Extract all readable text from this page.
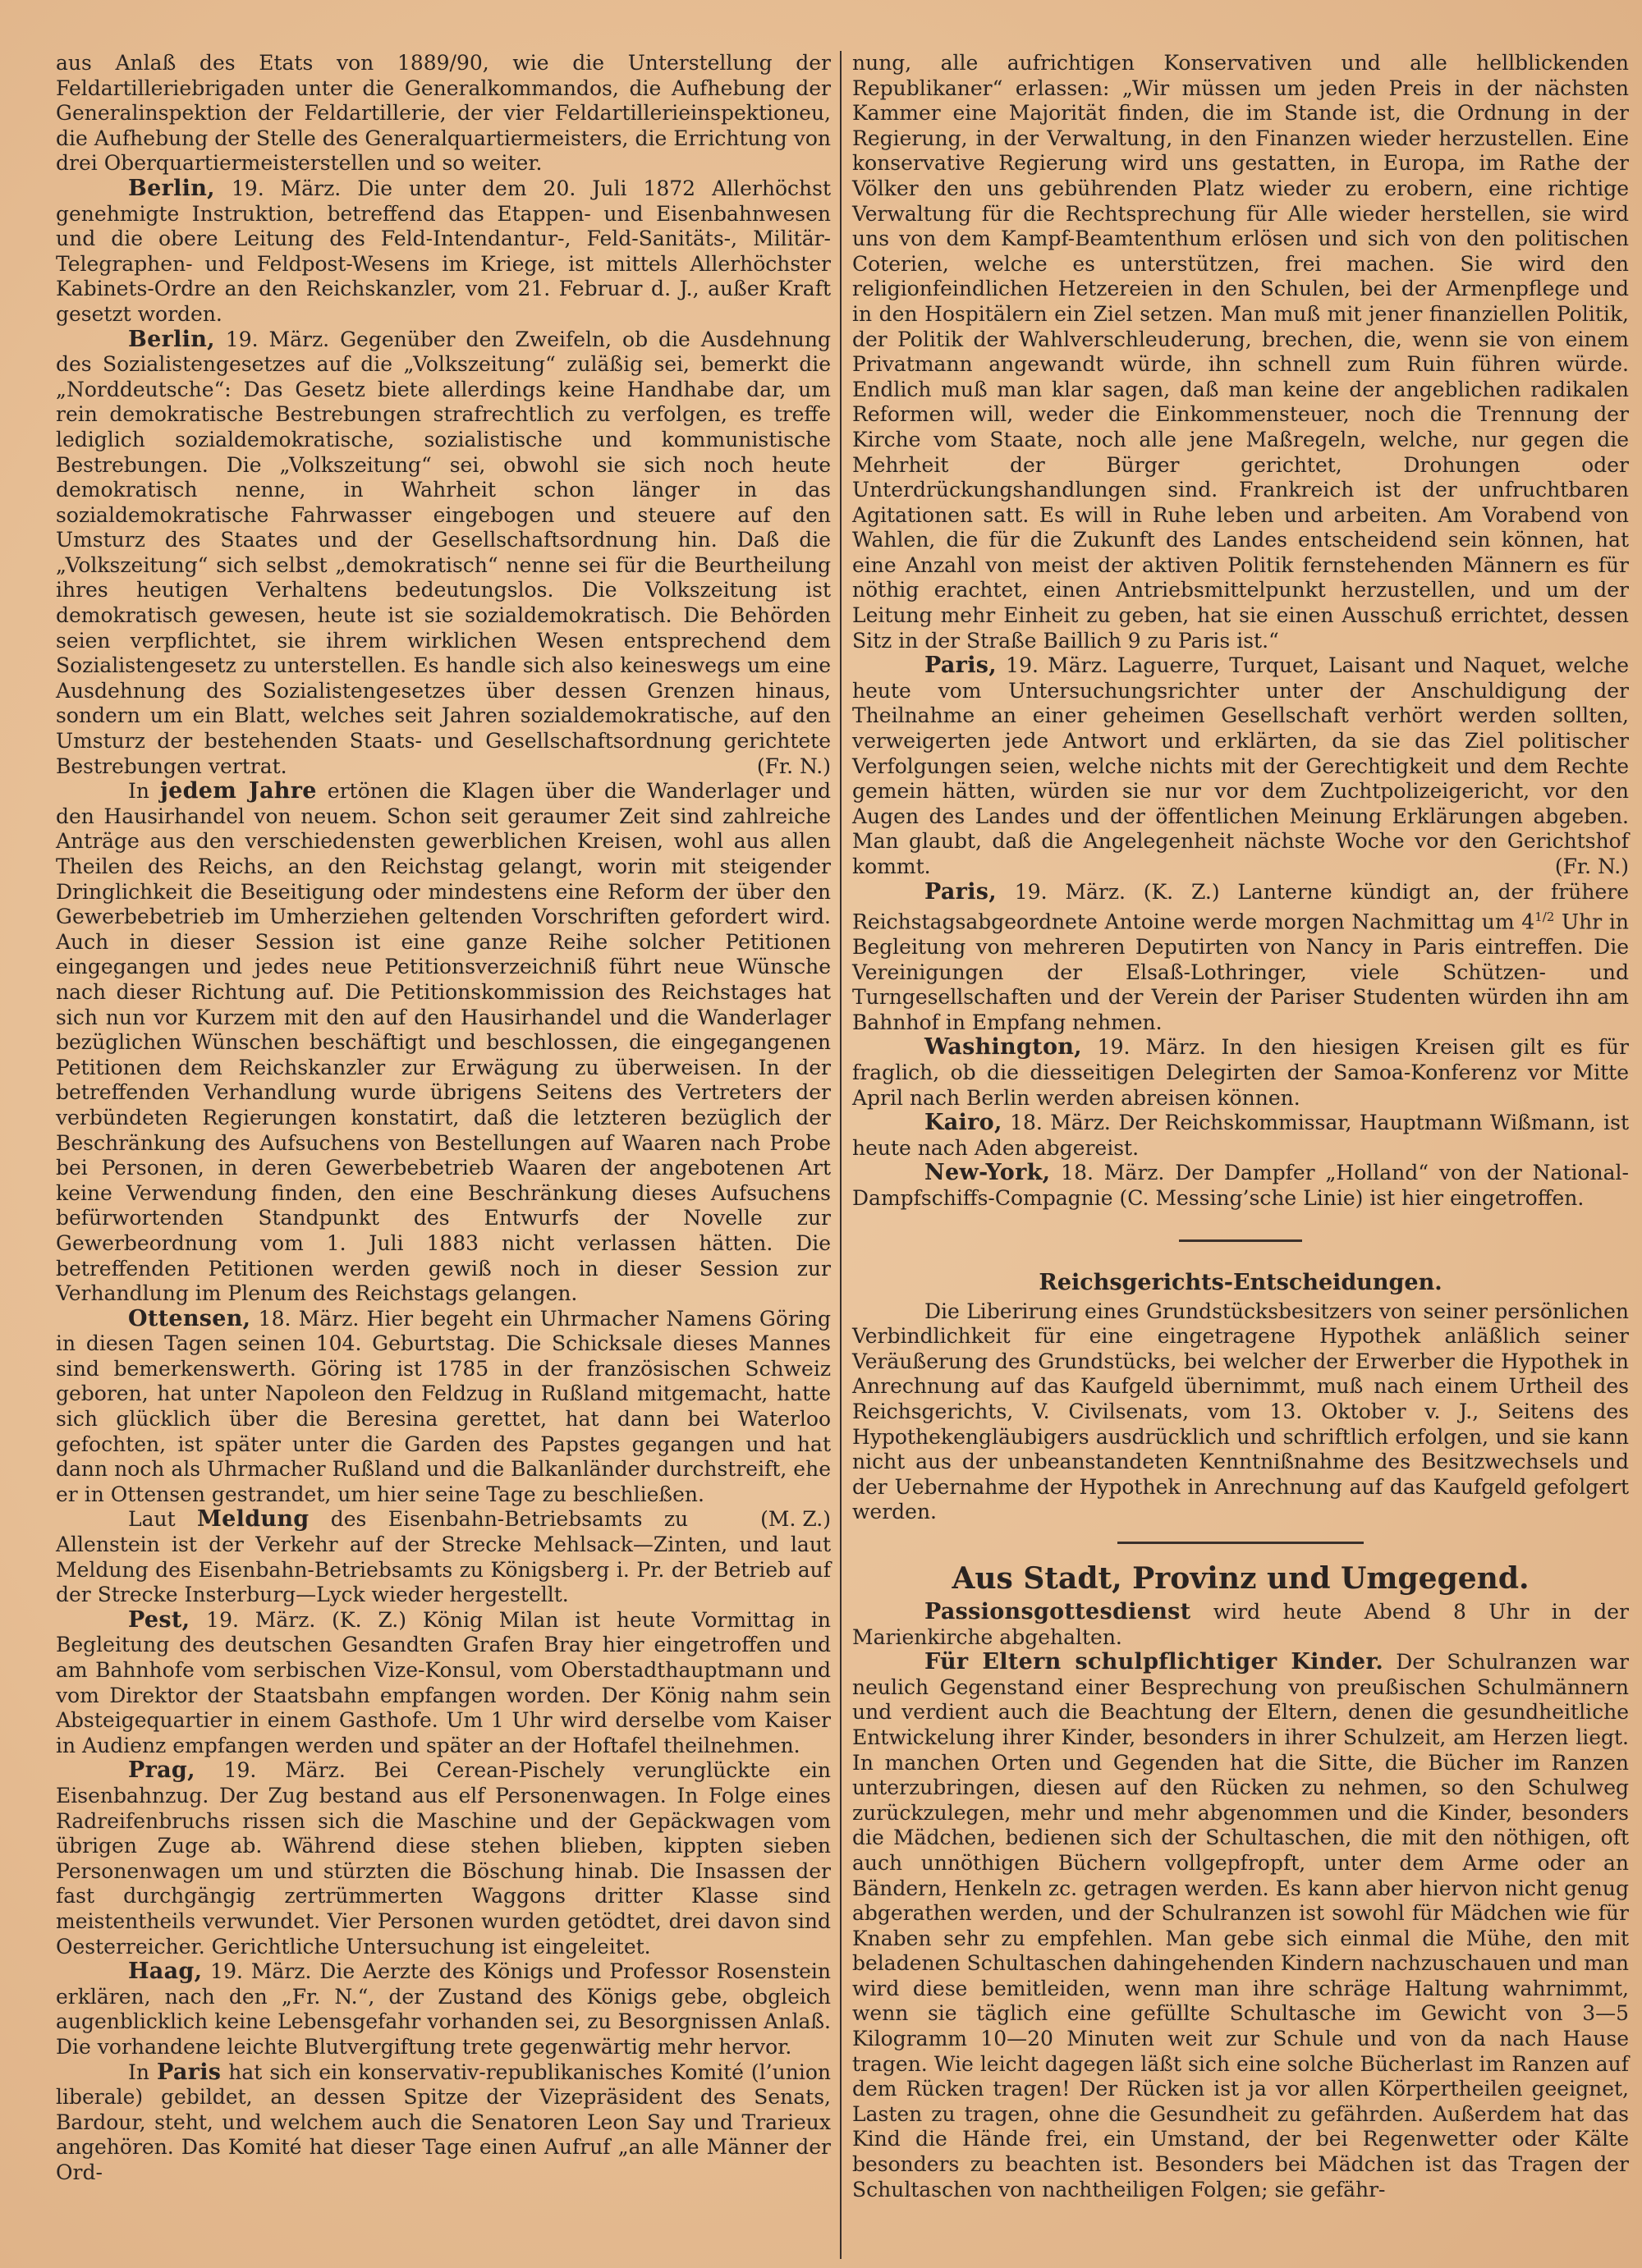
aus Anlaß des Etats von 1889/90, wie die Unterstellung der Feldartilleriebrigaden unter die Generalkommandos, die Aufhebung der Generalinspektion der Feldartillerie, der vier Feldartillerieinspektioneu, die Aufhebung der Stelle des Generalquartiermeisters, die Errichtung von drei Oberquartiermeisterstellen und so weiter.

Berlin, 19. März. Die unter dem 20. Juli 1872 Allerhöchst genehmigte Instruktion, betreffend das Etappen- und Eisenbahnwesen und die obere Leitung des Feld-Intendantur-, Feld-Sanitäts-, Militär-Telegraphen- und Feldpost-Wesens im Kriege, ist mittels Allerhöchster Kabinets-Ordre an den Reichskanzler, vom 21. Februar d. J., außer Kraft gesetzt worden.

Berlin, 19. März. Gegenüber den Zweifeln, ob die Ausdehnung des Sozialistengesetzes auf die „Volkszeitung“ zuläßig sei, bemerkt die „Norddeutsche“: Das Gesetz biete allerdings keine Handhabe dar, um rein demokratische Bestrebungen strafrechtlich zu verfolgen, es treffe lediglich sozialdemokratische, sozialistische und kommunistische Bestrebungen. Die „Volkszeitung“ sei, obwohl sie sich noch heute demokratisch nenne, in Wahrheit schon länger in das sozialdemokratische Fahrwasser eingebogen und steuere auf den Umsturz des Staates und der Gesellschaftsordnung hin. Daß die „Volkszeitung“ sich selbst „demokratisch“ nenne sei für die Beurtheilung ihres heutigen Verhaltens bedeutungslos. Die Volkszeitung ist demokratisch gewesen, heute ist sie sozialdemokratisch. Die Behörden seien verpflichtet, sie ihrem wirklichen Wesen entsprechend dem Sozialistengesetz zu unterstellen. Es handle sich also keineswegs um eine Ausdehnung des Sozialistengesetzes über dessen Grenzen hinaus, sondern um ein Blatt, welches seit Jahren sozialdemokratische, auf den Umsturz der bestehenden Staats- und Gesellschaftsordnung gerichtete Bestrebungen vertrat.	(Fr. N.)

In jedem Jahre ertönen die Klagen über die Wanderlager und den Hausirhandel von neuem. Schon seit geraumer Zeit sind zahlreiche Anträge aus den verschiedensten gewerblichen Kreisen, wohl aus allen Theilen des Reichs, an den Reichstag gelangt, worin mit steigender Dringlichkeit die Beseitigung oder mindestens eine Reform der über den Gewerbebetrieb im Umherziehen geltenden Vorschriften gefordert wird. Auch in dieser Session ist eine ganze Reihe solcher Petitionen eingegangen und jedes neue Petitionsverzeichniß führt neue Wünsche nach dieser Richtung auf. Die Petitionskommission des Reichstages hat sich nun vor Kurzem mit den auf den Hausirhandel und die Wanderlager bezüglichen Wünschen beschäftigt und beschlossen, die eingegangenen Petitionen dem Reichskanzler zur Erwägung zu überweisen. In der betreffenden Verhandlung wurde übrigens Seitens des Vertreters der verbündeten Regierungen konstatirt, daß die letzteren bezüglich der Beschränkung des Aufsuchens von Bestellungen auf Waaren nach Probe bei Personen, in deren Gewerbebetrieb Waaren der angebotenen Art keine Verwendung finden, den eine Beschränkung dieses Aufsuchens befürwortenden Standpunkt des Entwurfs der Novelle zur Gewerbeordnung vom 1. Juli 1883 nicht verlassen hätten. Die betreffenden Petitionen werden gewiß noch in dieser Session zur Verhandlung im Plenum des Reichstags gelangen.

Ottensen, 18. März. Hier begeht ein Uhrmacher Namens Göring in diesen Tagen seinen 104. Geburtstag. Die Schicksale dieses Mannes sind bemerkenswerth. Göring ist 1785 in der französischen Schweiz geboren, hat unter Napoleon den Feldzug in Rußland mitgemacht, hatte sich glücklich über die Beresina gerettet, hat dann bei Waterloo gefochten, ist später unter die Garden des Papstes gegangen und hat dann noch als Uhrmacher Rußland und die Balkanländer durchstreift, ehe er in Ottensen gestrandet, um hier seine Tage zu beschließen.
(M. Z.)

Laut Meldung des Eisenbahn-Betriebsamts zu Allenstein ist der Verkehr auf der Strecke Mehlsack—Zinten, und laut Meldung des Eisenbahn-Betriebsamts zu Königsberg i. Pr. der Betrieb auf der Strecke Insterburg—Lyck wieder hergestellt.

Pest, 19. März. (K. Z.) König Milan ist heute Vormittag in Begleitung des deutschen Gesandten Grafen Bray hier eingetroffen und am Bahnhofe vom serbischen Vize-Konsul, vom Oberstadthauptmann und vom Direktor der Staatsbahn empfangen worden. Der König nahm sein Absteigequartier in einem Gasthofe. Um 1 Uhr wird derselbe vom Kaiser in Audienz empfangen werden und später an der Hoftafel theilnehmen.

Prag, 19. März. Bei Cerean-Pischely verunglückte ein Eisenbahnzug. Der Zug bestand aus elf Personenwagen. In Folge eines Radreifenbruchs rissen sich die Maschine und der Gepäckwagen vom übrigen Zuge ab. Während diese stehen blieben, kippten sieben Personenwagen um und stürzten die Böschung hinab. Die Insassen der fast durchgängig zertrümmerten Waggons dritter Klasse sind meistentheils verwundet. Vier Personen wurden getödtet, drei davon sind Oesterreicher. Gerichtliche Untersuchung ist eingeleitet.

Haag, 19. März. Die Aerzte des Königs und Professor Rosenstein erklären, nach den „Fr. N.“, der Zustand des Königs gebe, obgleich augenblicklich keine Lebensgefahr vorhanden sei, zu Besorgnissen Anlaß. Die vorhandene leichte Blutvergiftung trete gegenwärtig mehr hervor.

In Paris hat sich ein konservativ-republikanisches Komité (l’union liberale) gebildet, an dessen Spitze der Vizepräsident des Senats, Bardour, steht, und welchem auch die Senatoren Leon Say und Trarieux angehören. Das Komité hat dieser Tage einen Aufruf „an alle Männer der Ord-

nung, alle aufrichtigen Konservativen und alle hellblickenden Republikaner“ erlassen: „Wir müssen um jeden Preis in der nächsten Kammer eine Majorität finden, die im Stande ist, die Ordnung in der Regierung, in der Verwaltung, in den Finanzen wieder herzustellen. Eine konservative Regierung wird uns gestatten, in Europa, im Rathe der Völker den uns gebührenden Platz wieder zu erobern, eine richtige Verwaltung für die Rechtsprechung für Alle wieder herstellen, sie wird uns von dem Kampf-Beamtenthum erlösen und sich von den politischen Coterien, welche es unterstützen, frei machen. Sie wird den religionfeindlichen Hetzereien in den Schulen, bei der Armenpflege und in den Hospitälern ein Ziel setzen. Man muß mit jener finanziellen Politik, der Politik der Wahlverschleuderung, brechen, die, wenn sie von einem Privatmann angewandt würde, ihn schnell zum Ruin führen würde. Endlich muß man klar sagen, daß man keine der angeblichen radikalen Reformen will, weder die Einkommensteuer, noch die Trennung der Kirche vom Staate, noch alle jene Maßregeln, welche, nur gegen die Mehrheit der Bürger gerichtet, Drohungen oder Unterdrückungshandlungen sind. Frankreich ist der unfruchtbaren Agitationen satt. Es will in Ruhe leben und arbeiten. Am Vorabend von Wahlen, die für die Zukunft des Landes entscheidend sein können, hat eine Anzahl von meist der aktiven Politik fernstehenden Männern es für nöthig erachtet, einen Antriebsmittelpunkt herzustellen, und um der Leitung mehr Einheit zu geben, hat sie einen Ausschuß errichtet, dessen Sitz in der Straße Baillich 9 zu Paris ist.“

Paris, 19. März. Laguerre, Turquet, Laisant und Naquet, welche heute vom Untersuchungsrichter unter der Anschuldigung der Theilnahme an einer geheimen Gesellschaft verhört werden sollten, verweigerten jede Antwort und erklärten, da sie das Ziel politischer Verfolgungen seien, welche nichts mit der Gerechtigkeit und dem Rechte gemein hätten, würden sie nur vor dem Zuchtpolizeigericht, vor den Augen des Landes und der öffentlichen Meinung Erklärungen abgeben. Man glaubt, daß die Angelegenheit nächste Woche vor den Gerichtshof kommt.	(Fr. N.)

Paris, 19. März. (K. Z.) Lanterne kündigt an, der frühere Reichstagsabgeordnete Antoine werde morgen Nachmittag um $4^{1/2}$ Uhr in Begleitung von mehreren Deputirten von Nancy in Paris eintreffen. Die Vereinigungen der Elsaß-Lothringer, viele Schützen- und Turngesellschaften und der Verein der Pariser Studenten würden ihn am Bahnhof in Empfang nehmen.

Washington, 19. März. In den hiesigen Kreisen gilt es für fraglich, ob die diesseitigen Delegirten der Samoa-Konferenz vor Mitte April nach Berlin werden abreisen können.

Kairo, 18. März. Der Reichskommissar, Hauptmann Wißmann, ist heute nach Aden abgereist.

New-York, 18. März. Der Dampfer „Holland“ von der National-Dampfschiffs-Compagnie (C. Messing’sche Linie) ist hier eingetroffen.

Reichsgerichts-Entscheidungen.

Die Liberirung eines Grundstücksbesitzers von seiner persönlichen Verbindlichkeit für eine eingetragene Hypothek anläßlich seiner Veräußerung des Grundstücks, bei welcher der Erwerber die Hypothek in Anrechnung auf das Kaufgeld übernimmt, muß nach einem Urtheil des Reichsgerichts, V. Civilsenats, vom 13. Oktober v. J., Seitens des Hypothekengläubigers ausdrücklich und schriftlich erfolgen, und sie kann nicht aus der unbeanstandeten Kenntnißnahme des Besitzwechsels und der Uebernahme der Hypothek in Anrechnung auf das Kaufgeld gefolgert werden.

Aus Stadt, Provinz und Umgegend.

Passionsgottesdienst wird heute Abend 8 Uhr in der Marienkirche abgehalten.

Für Eltern schulpflichtiger Kinder. Der Schulranzen war neulich Gegenstand einer Besprechung von preußischen Schulmännern und verdient auch die Beachtung der Eltern, denen die gesundheitliche Entwickelung ihrer Kinder, besonders in ihrer Schulzeit, am Herzen liegt. In manchen Orten und Gegenden hat die Sitte, die Bücher im Ranzen unterzubringen, diesen auf den Rücken zu nehmen, so den Schulweg zurückzulegen, mehr und mehr abgenommen und die Kinder, besonders die Mädchen, bedienen sich der Schultaschen, die mit den nöthigen, oft auch unnöthigen Büchern vollgepfropft, unter dem Arme oder an Bändern, Henkeln zc. getragen werden. Es kann aber hiervon nicht genug abgerathen werden, und der Schulranzen ist sowohl für Mädchen wie für Knaben sehr zu empfehlen. Man gebe sich einmal die Mühe, den mit beladenen Schultaschen dahingehenden Kindern nachzuschauen und man wird diese bemitleiden, wenn man ihre schräge Haltung wahrnimmt, wenn sie täglich eine gefüllte Schultasche im Gewicht von 3—5 Kilogramm 10—20 Minuten weit zur Schule und von da nach Hause tragen. Wie leicht dagegen läßt sich eine solche Bücherlast im Ranzen auf dem Rücken tragen! Der Rücken ist ja vor allen Körpertheilen geeignet, Lasten zu tragen, ohne die Gesundheit zu gefährden. Außerdem hat das Kind die Hände frei, ein Umstand, der bei Regenwetter oder Kälte besonders zu beachten ist. Besonders bei Mädchen ist das Tragen der Schultaschen von nachtheiligen Folgen; sie gefähr-
